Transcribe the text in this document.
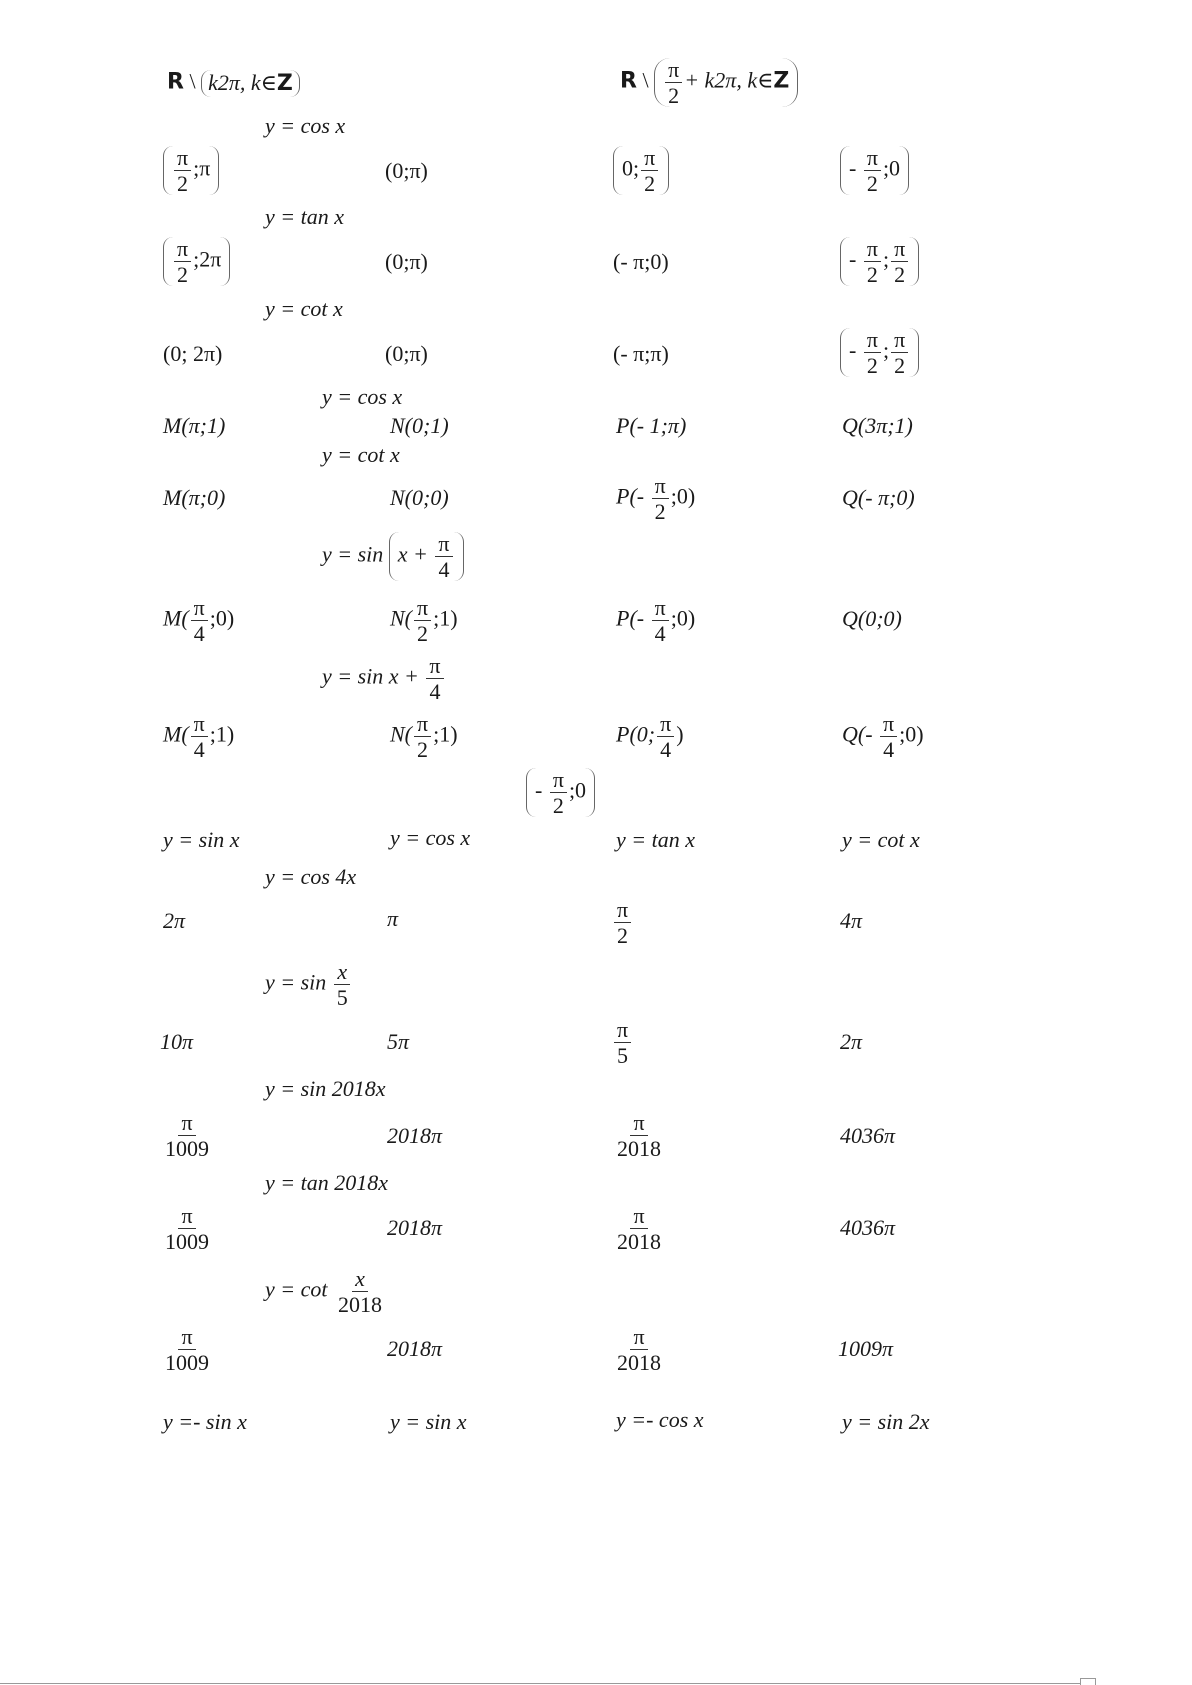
R \ k2π, k∈Z	R \ $\frac{\pi}{2} + k2\pi$, k∈Z
y = cos x
$\frac{\pi}{2}$ ;π	(0;π)	0; $\frac{\pi}{2}$	- $\frac{\pi}{2}$ ;0
y = tan x
$\frac{\pi}{2}$ ;2π	(0;π)	(- π;0)	- $\frac{\pi}{2}$ ; $\frac{\pi}{2}$
y = cot x
(0; 2π)	(0;π)	(- π;π)	- $\frac{\pi}{2}$ ; $\frac{\pi}{2}$
y = cos x
M(π;1)	N(0;1)	P(- 1;π)	Q(3π;1)
y = cot x
M(π;0)	N(0;0)	$P(- \frac{\pi}{2}$ ;0)	Q(- π;0)
$y = \sin x + \frac{\pi}{4}$
$M( \frac{\pi}{4}$ ;0)	$N( \frac{\pi}{2}$ ;1)	$P(- \frac{\pi}{4}$ ;0)	Q(0;0)
$y = \sin x + \frac{\pi}{4}$
$M( \frac{\pi}{4}$ ;1)	$N( \frac{\pi}{2}$ ;1)	P(0; $\frac{\pi}{4}$ )	$Q(- \frac{\pi}{4}$ ;0)
- $\frac{\pi}{2}$ ;0
y = sin x	y = cos x	y = tan x	y = cot x
y = cos 4x
2π	π	$\frac{\pi}{2}$	4π
$y = \sin \frac{x}{5}$
10π	5π	$\frac{\pi}{5}$	2π
y = sin 2018x
$\frac{\pi}{1009}$	2018π	$\frac{\pi}{2018}$	4036π
y = tan 2018x
$\frac{\pi}{1009}$	2018π	$\frac{\pi}{2018}$	4036π
$y = \cot \frac{x}{2018}$
$\frac{\pi}{1009}$	2018π	$\frac{\pi}{2018}$	1009π
y =- sin x	y = sin x	y =- cos x	y = sin 2x
